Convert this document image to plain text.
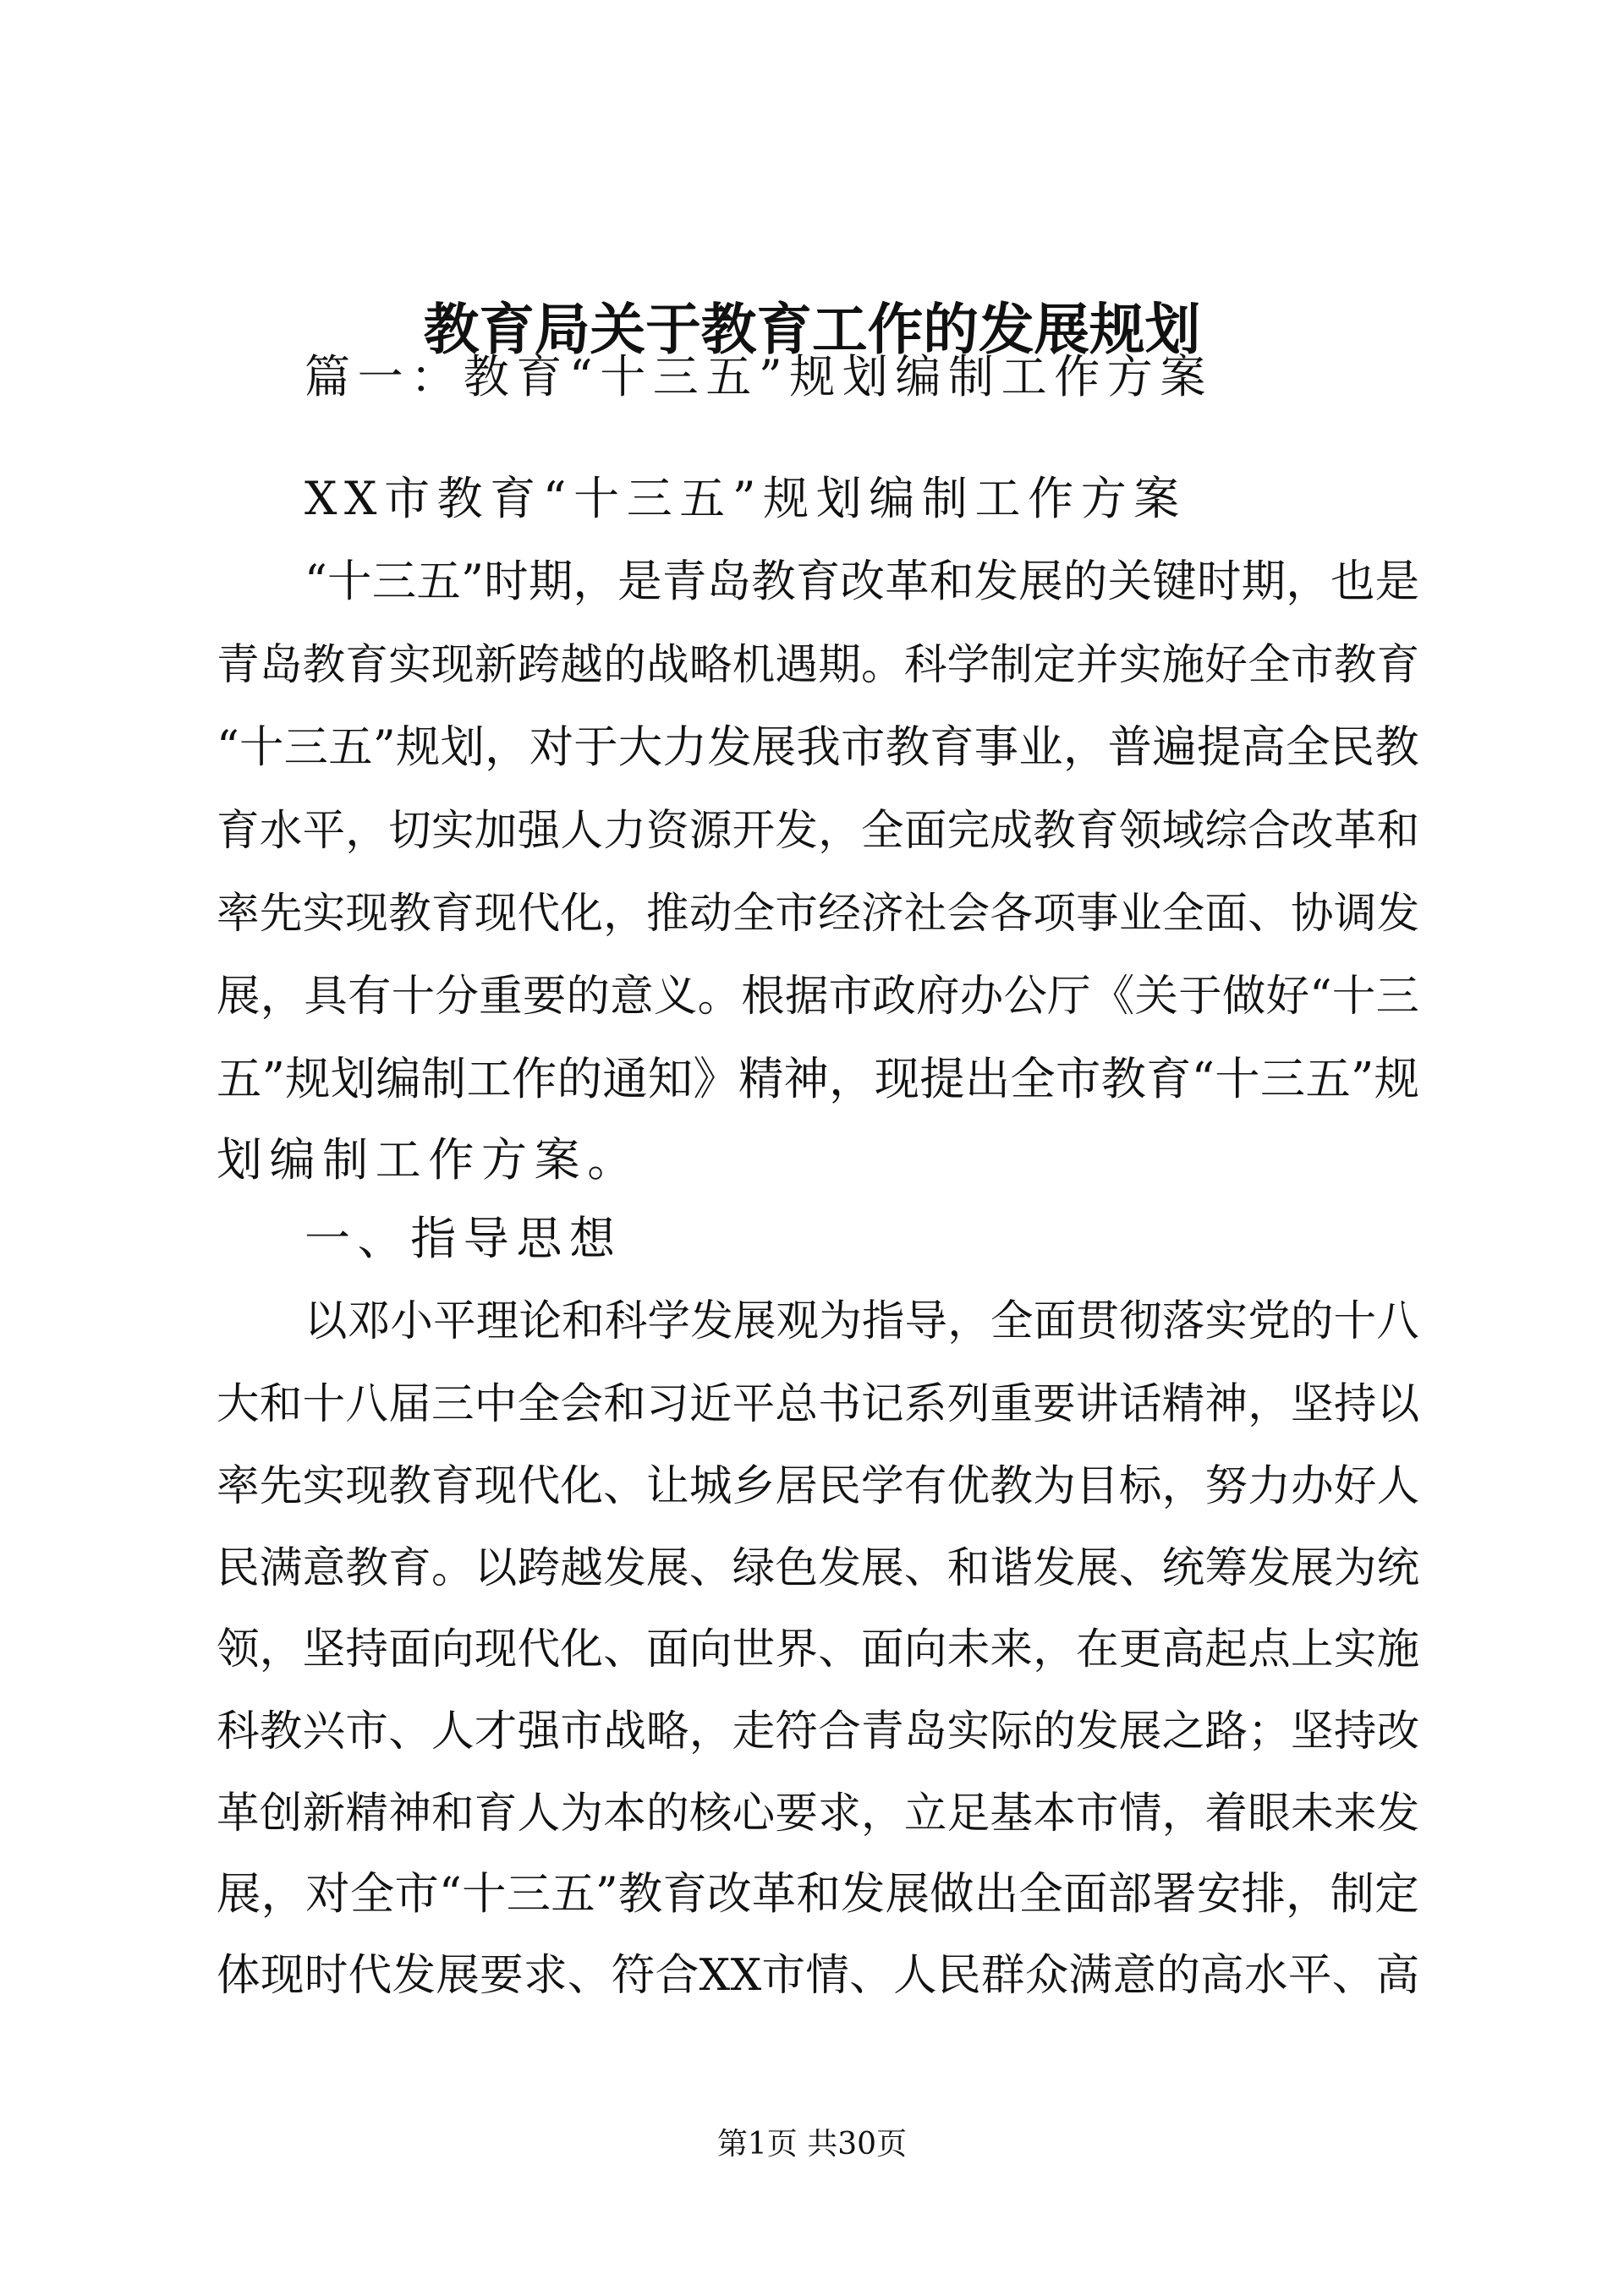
教育局关于教育工作的发展规划
篇一：教育“十三五”规划编制工作方案
XX市教育“十三五”规划编制工作方案
“十三五”时期，是青岛教育改革和发展的关键时期，也是
青岛教育实现新跨越的战略机遇期。科学制定并实施好全市教育
“十三五”规划，对于大力发展我市教育事业，普遍提高全民教
育水平，切实加强人力资源开发，全面完成教育领域综合改革和
率先实现教育现代化，推动全市经济社会各项事业全面、协调发
展，具有十分重要的意义。根据市政府办公厅《关于做好“十三
五”规划编制工作的通知》精神，现提出全市教育“十三五”规
划编制工作方案。
一、指导思想
以邓小平理论和科学发展观为指导，全面贯彻落实党的十八
大和十八届三中全会和习近平总书记系列重要讲话精神，坚持以
率先实现教育现代化、让城乡居民学有优教为目标，努力办好人
民满意教育。以跨越发展、绿色发展、和谐发展、统筹发展为统
领，坚持面向现代化、面向世界、面向未来，在更高起点上实施
科教兴市、人才强市战略，走符合青岛实际的发展之路；坚持改
革创新精神和育人为本的核心要求，立足基本市情，着眼未来发
展，对全市“十三五”教育改革和发展做出全面部署安排，制定
体现时代发展要求、符合XX市情、人民群众满意的高水平、高
第1页 共30页
